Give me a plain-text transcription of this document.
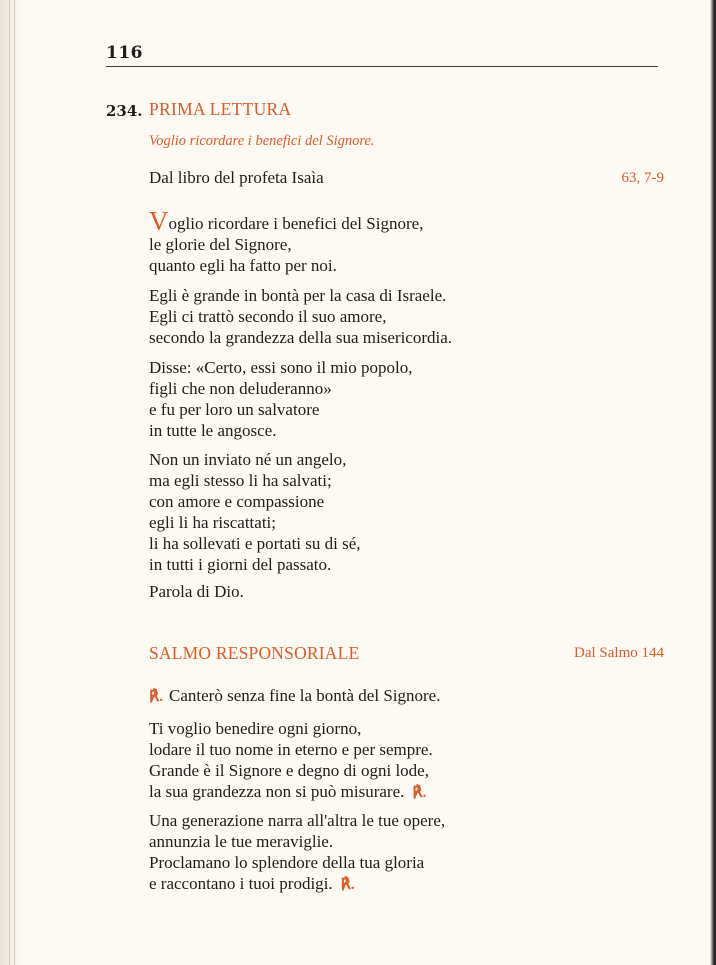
116
234. PRIMA LETTURA
Voglio ricordare i benefici del Signore.
Dal libro del profeta Isaìa	63, 7-9
Voglio ricordare i benefici del Signore,
le glorie del Signore,
quanto egli ha fatto per noi.
Egli è grande in bontà per la casa di Israele.
Egli ci trattò secondo il suo amore,
secondo la grandezza della sua misericordia.
Disse: «Certo, essi sono il mio popolo,
figli che non deluderanno»
e fu per loro un salvatore
in tutte le angosce.
Non un inviato né un angelo,
ma egli stesso li ha salvati;
con amore e compassione
egli li ha riscattati;
li ha sollevati e portati su di sé,
in tutti i giorni del passato.
Parola di Dio.
SALMO RESPONSORIALE	Dal Salmo 144
℟. Canterò senza fine la bontà del Signore.
Ti voglio benedire ogni giorno,
lodare il tuo nome in eterno e per sempre.
Grande è il Signore e degno di ogni lode,
la sua grandezza non si può misurare. ℟.
Una generazione narra all'altra le tue opere,
annunzia le tue meraviglie.
Proclamano lo splendore della tua gloria
e raccontano i tuoi prodigi. ℟.
